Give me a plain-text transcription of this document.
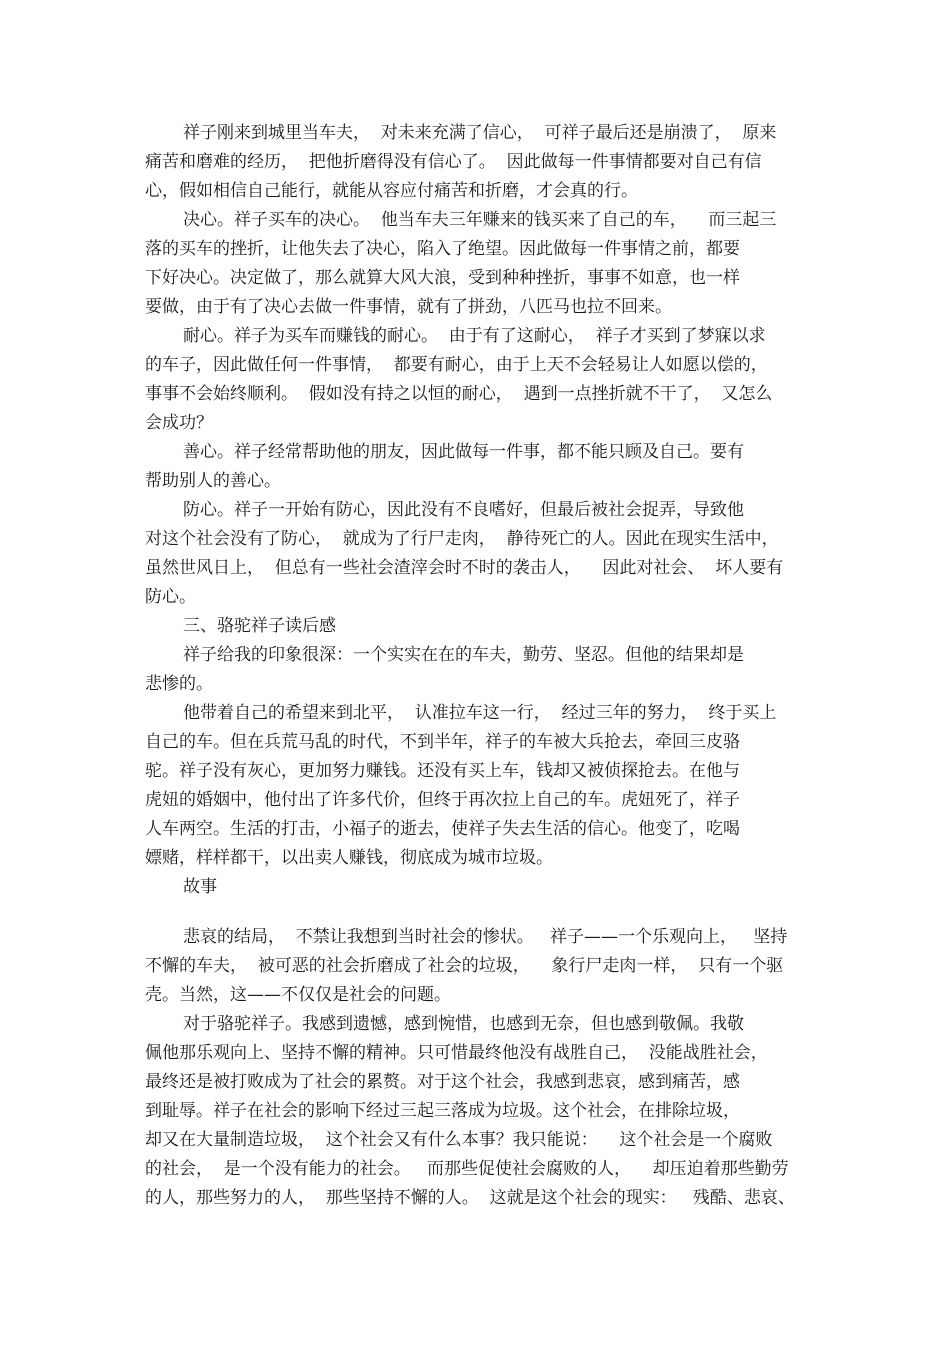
祥子刚来到城里当车夫，  对未来充满了信心，  可祥子最后还是崩溃了，  原来
痛苦和磨难的经历，  把他折磨得没有信心了。  因此做每一件事情都要对自己有信
心，假如相信自己能行，就能从容应付痛苦和折磨，才会真的行。
决心。祥子买车的决心。  他当车夫三年赚来的钱买来了自己的车，    而三起三
落的买车的挫折，让他失去了决心，陷入了绝望。因此做每一件事情之前，都要
下好决心。决定做了，那么就算大风大浪，受到种种挫折，事事不如意，也一样
要做，由于有了决心去做一件事情，就有了拼劲，八匹马也拉不回来。
耐心。祥子为买车而赚钱的耐心。  由于有了这耐心，  祥子才买到了梦寐以求
的车子，因此做任何一件事情，  都要有耐心，由于上天不会轻易让人如愿以偿的，
事事不会始终顺利。  假如没有持之以恒的耐心，  遇到一点挫折就不干了，  又怎么
会成功？
善心。祥子经常帮助他的朋友，因此做每一件事，都不能只顾及自己。要有
帮助别人的善心。
防心。祥子一开始有防心，因此没有不良嗜好，但最后被社会捉弄，导致他
对这个社会没有了防心，  就成为了行尸走肉，  静待死亡的人。因此在现实生活中，
虽然世风日上，  但总有一些社会渣滓会时不时的袭击人，    因此对社会、  坏人要有
防心。
三、骆驼祥子读后感
祥子给我的印象很深：一个实实在在的车夫，勤劳、坚忍。但他的结果却是
悲惨的。
他带着自己的希望来到北平，  认准拉车这一行，  经过三年的努力，  终于买上
自己的车。但在兵荒马乱的时代，不到半年，祥子的车被大兵抢去，牵回三皮骆
驼。祥子没有灰心，更加努力赚钱。还没有买上车，钱却又被侦探抢去。在他与
虎妞的婚姻中，他付出了许多代价，但终于再次拉上自己的车。虎妞死了，祥子
人车两空。生活的打击，小福子的逝去，使祥子失去生活的信心。他变了，吃喝
嫖赌，样样都干，以出卖人赚钱，彻底成为城市垃圾。
故事
悲哀的结局，  不禁让我想到当时社会的惨状。   祥子——一个乐观向上，   坚持
不懈的车夫，  被可恶的社会折磨成了社会的垃圾，    象行尸走肉一样，  只有一个驱
壳。当然，这——不仅仅是社会的问题。
对于骆驼祥子。我感到遗憾，感到惋惜，也感到无奈，但也感到敬佩。我敬
佩他那乐观向上、坚持不懈的精神。只可惜最终他没有战胜自己，  没能战胜社会，
最终还是被打败成为了社会的累赘。对于这个社会，我感到悲哀，感到痛苦，感
到耻辱。祥子在社会的影响下经过三起三落成为垃圾。这个社会，在排除垃圾，
却又在大量制造垃圾，  这个社会又有什么本事？我只能说：    这个社会是一个腐败
的社会，  是一个没有能力的社会。   而那些促使社会腐败的人，    却压迫着那些勤劳
的人，那些努力的人，  那些坚持不懈的人。  这就是这个社会的现实：   残酷、悲哀、
